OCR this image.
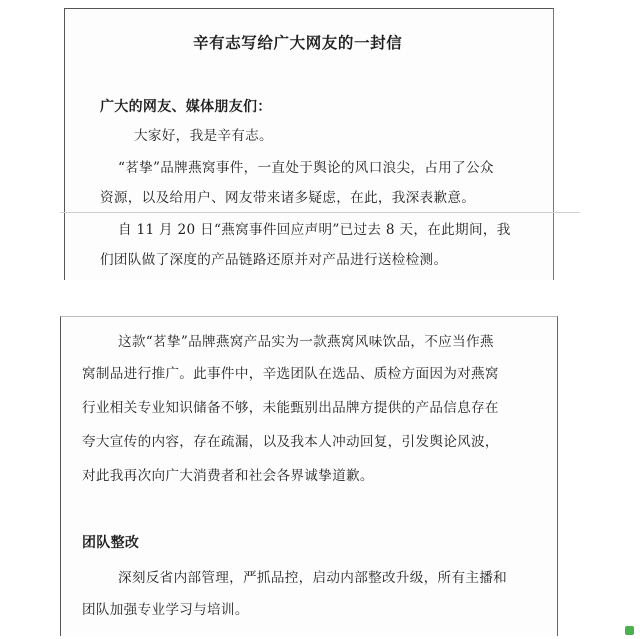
辛有志写给广大网友的一封信
广大的网友、媒体朋友们：
大家好，我是辛有志。
“茗挚”品牌燕窝事件，一直处于舆论的风口浪尖，占用了公众
资源，以及给用户、网友带来诸多疑虑，在此，我深表歉意。
自 11 月 20 日“燕窝事件回应声明”已过去 8 天，在此期间，我
们团队做了深度的产品链路还原并对产品进行送检检测。
这款“茗挚”品牌燕窝产品实为一款燕窝风味饮品，不应当作燕
窝制品进行推广。此事件中，辛选团队在选品、质检方面因为对燕窝
行业相关专业知识储备不够，未能甄别出品牌方提供的产品信息存在
夸大宣传的内容，存在疏漏，以及我本人冲动回复，引发舆论风波，
对此我再次向广大消费者和社会各界诚挚道歉。
团队整改
深刻反省内部管理，严抓品控，启动内部整改升级，所有主播和
团队加强专业学习与培训。
